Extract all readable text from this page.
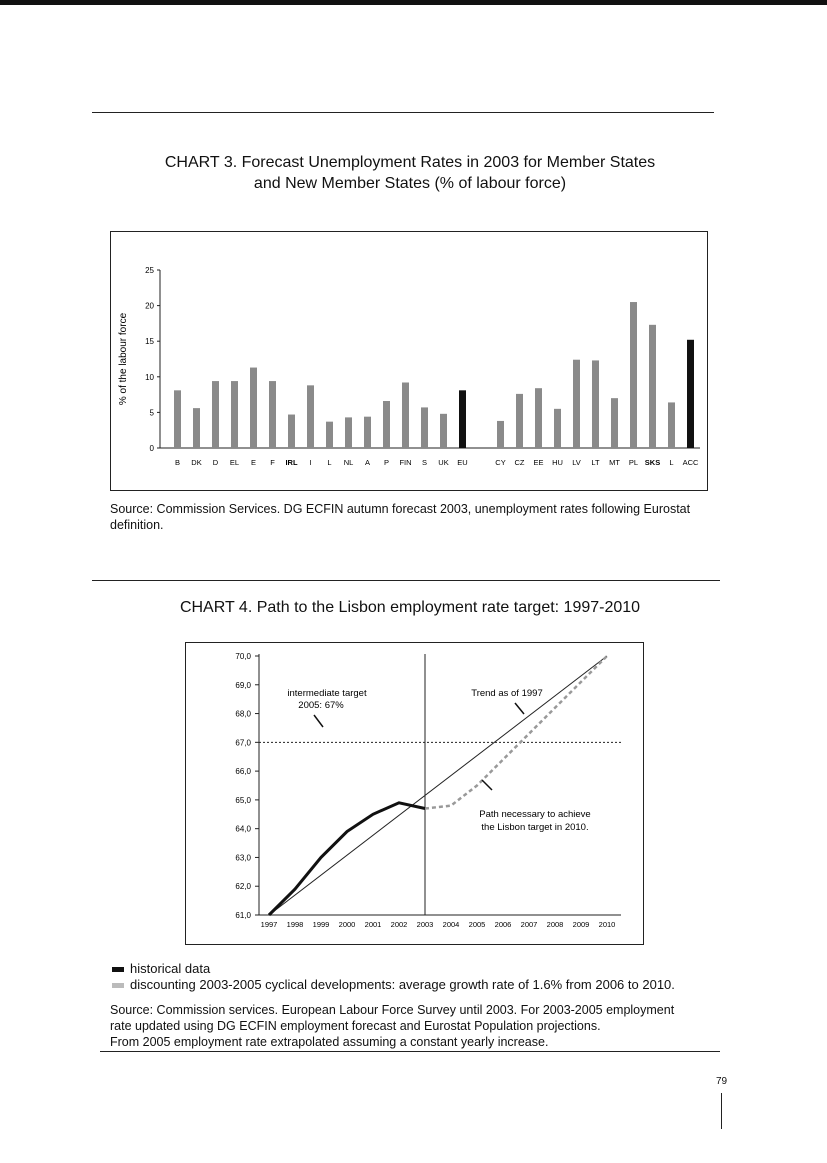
CHART 3. Forecast Unemployment Rates in 2003 for Member States
and New Member States (% of labour force)
0
5
10
15
20
25
% of the labour force
B DK D EL E F IRL I L NL A P FIN S UK EU	CY CZ EE HU LV LT MT PL SKS L ACC
Source: Commission Services. DG ECFIN autumn forecast 2003, unemployment rates following Eurostat definition.
CHART 4. Path to the Lisbon employment rate target: 1997-2010
61,0
62,0
63,0
64,0
65,0
66,0
67,0
68,0
69,0
70,0
1997 1998 1999 2000 2001 2002 2003 2004 2005 2006 2007 2008 2009 2010
intermediate target
2005: 67%
Trend as of 1997
Path necessary to achieve
the Lisbon target in 2010.
historical data
discounting 2003-2005 cyclical developments: average growth rate of 1.6% from 2006 to 2010.
Source: Commission services. European Labour Force Survey until 2003. For 2003-2005 employment
rate updated using DG ECFIN employment forecast and Eurostat Population projections.
From 2005 employment rate extrapolated assuming a constant yearly increase.
79
